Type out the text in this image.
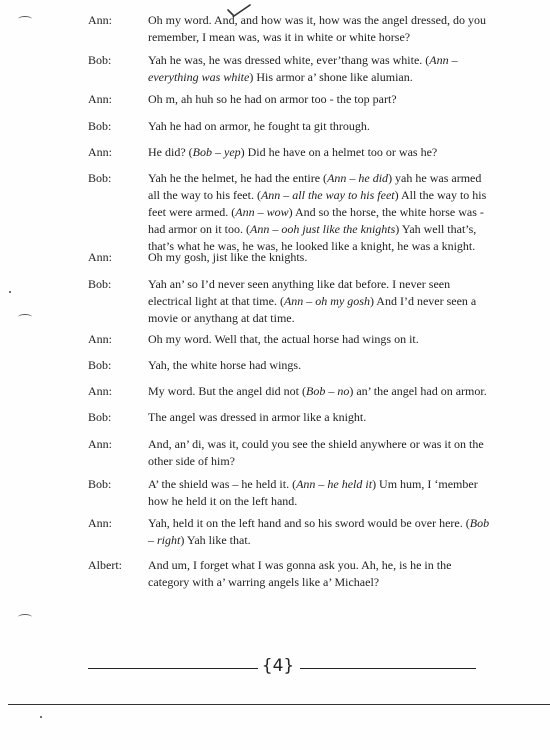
Ann:	Oh my word. And, and how was it, how was the angel dressed, do you remember, I mean was, was it in white or white horse?
Bob:	Yah he was, he was dressed white, ever’thang was white. (Ann – everything was white) His armor a’ shone like alumian.
Ann:	Oh m, ah huh so he had on armor too - the top part?
Bob:	Yah he had on armor, he fought ta git through.
Ann:	He did? (Bob – yep) Did he have on a helmet too or was he?
Bob:	Yah he the helmet, he had the entire (Ann – he did) yah he was armed all the way to his feet. (Ann – all the way to his feet) All the way to his feet were armed. (Ann – wow) And so the horse, the white horse was - had armor on it too. (Ann – ooh just like the knights) Yah well that’s, that’s what he was, he was, he looked like a knight, he was a knight.
Ann:	Oh my gosh, jist like the knights.
Bob:	Yah an’ so I’d never seen anything like dat before. I never seen electrical light at that time. (Ann – oh my gosh) And I’d never seen a movie or anythang at dat time.
Ann:	Oh my word. Well that, the actual horse had wings on it.
Bob:	Yah, the white horse had wings.
Ann:	My word. But the angel did not (Bob – no) an’ the angel had on armor.
Bob:	The angel was dressed in armor like a knight.
Ann:	And, an’ di, was it, could you see the shield anywhere or was it on the other side of him?
Bob:	A’ the shield was – he held it. (Ann – he held it) Um hum, I ‘member how he held it on the left hand.
Ann:	Yah, held it on the left hand and so his sword would be over here. (Bob – right) Yah like that.
Albert:	And um, I forget what I was gonna ask you. Ah, he, is he in the category with a’ warring angels like a’ Michael?
{4}
